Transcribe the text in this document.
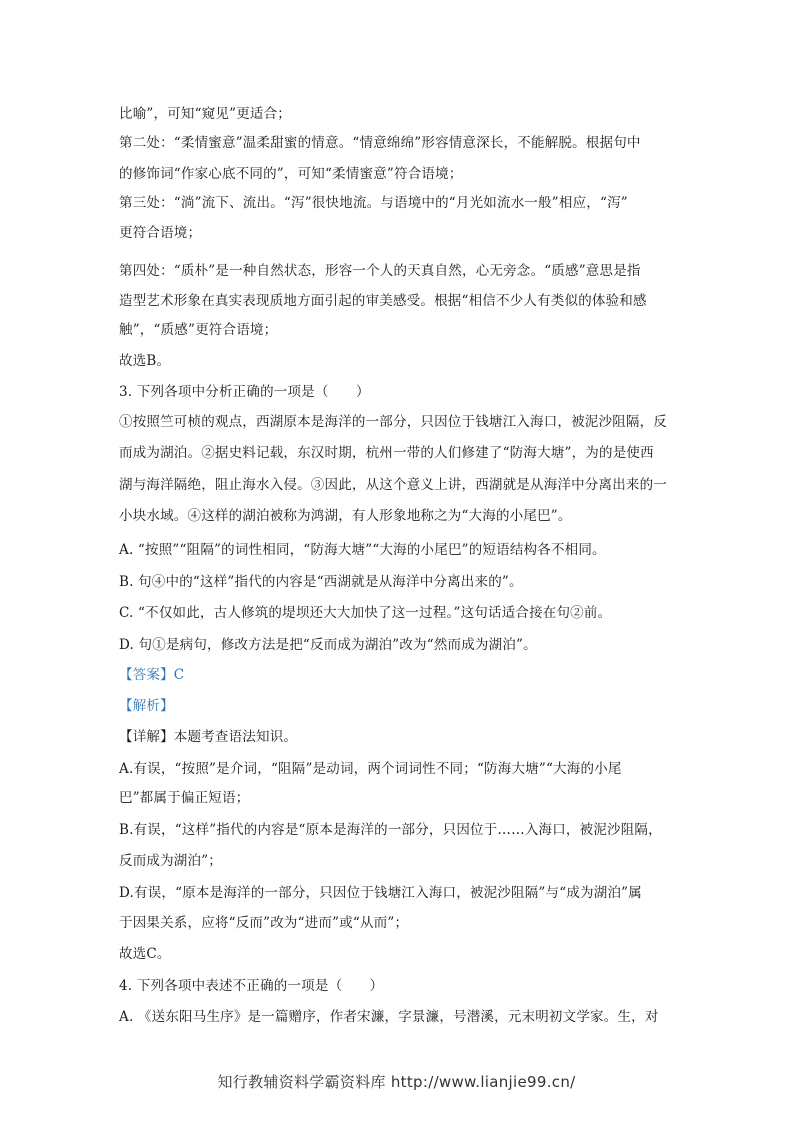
比喻”，可知“窥见”更适合；
第二处：“柔情蜜意”温柔甜蜜的情意。“情意绵绵”形容情意深长，不能解脱。根据句中
的修饰词“作家心底不同的”，可知“柔情蜜意”符合语境；
第三处：“淌”流下、流出。“泻”很快地流。与语境中的“月光如流水一般”相应，“泻”
更符合语境；
第四处：“质朴”是一种自然状态，形容一个人的天真自然，心无旁念。“质感”意思是指
造型艺术形象在真实表现质地方面引起的审美感受。根据“相信不少人有类似的体验和感
触”，“质感”更符合语境；
故选B。
3. 下列各项中分析正确的一项是（　　）
①按照竺可桢的观点，西湖原本是海洋的一部分，只因位于钱塘江入海口，被泥沙阻隔，反
而成为湖泊。②据史料记载，东汉时期，杭州一带的人们修建了“防海大塘”，为的是使西
湖与海洋隔绝，阻止海水入侵。③因此，从这个意义上讲，西湖就是从海洋中分离出来的一
小块水域。④这样的湖泊被称为鸿湖，有人形象地称之为“大海的小尾巴”。
A. “按照”“阻隔”的词性相同，“防海大塘”“大海的小尾巴”的短语结构各不相同。
B. 句④中的“这样”指代的内容是“西湖就是从海洋中分离出来的”。
C. “不仅如此，古人修筑的堤坝还大大加快了这一过程。”这句话适合接在句②前。
D. 句①是病句，修改方法是把“反而成为湖泊”改为“然而成为湖泊”。
【答案】C
【解析】
【详解】本题考查语法知识。
A.有误，“按照”是介词，“阻隔”是动词，两个词词性不同；“防海大塘”“大海的小尾
巴”都属于偏正短语；
B.有误，“这样”指代的内容是“原本是海洋的一部分，只因位于……入海口，被泥沙阻隔，
反而成为湖泊”；
D.有误，“原本是海洋的一部分，只因位于钱塘江入海口，被泥沙阻隔”与“成为湖泊”属
于因果关系，应将“反而”改为“进而”或“从而”；
故选C。
4. 下列各项中表述不正确的一项是（　　）
A. 《送东阳马生序》是一篇赠序，作者宋濂，字景濂，号潜溪，元末明初文学家。生，对
知行教辅资料学霸资料库 http://www.lianjie99.cn/
